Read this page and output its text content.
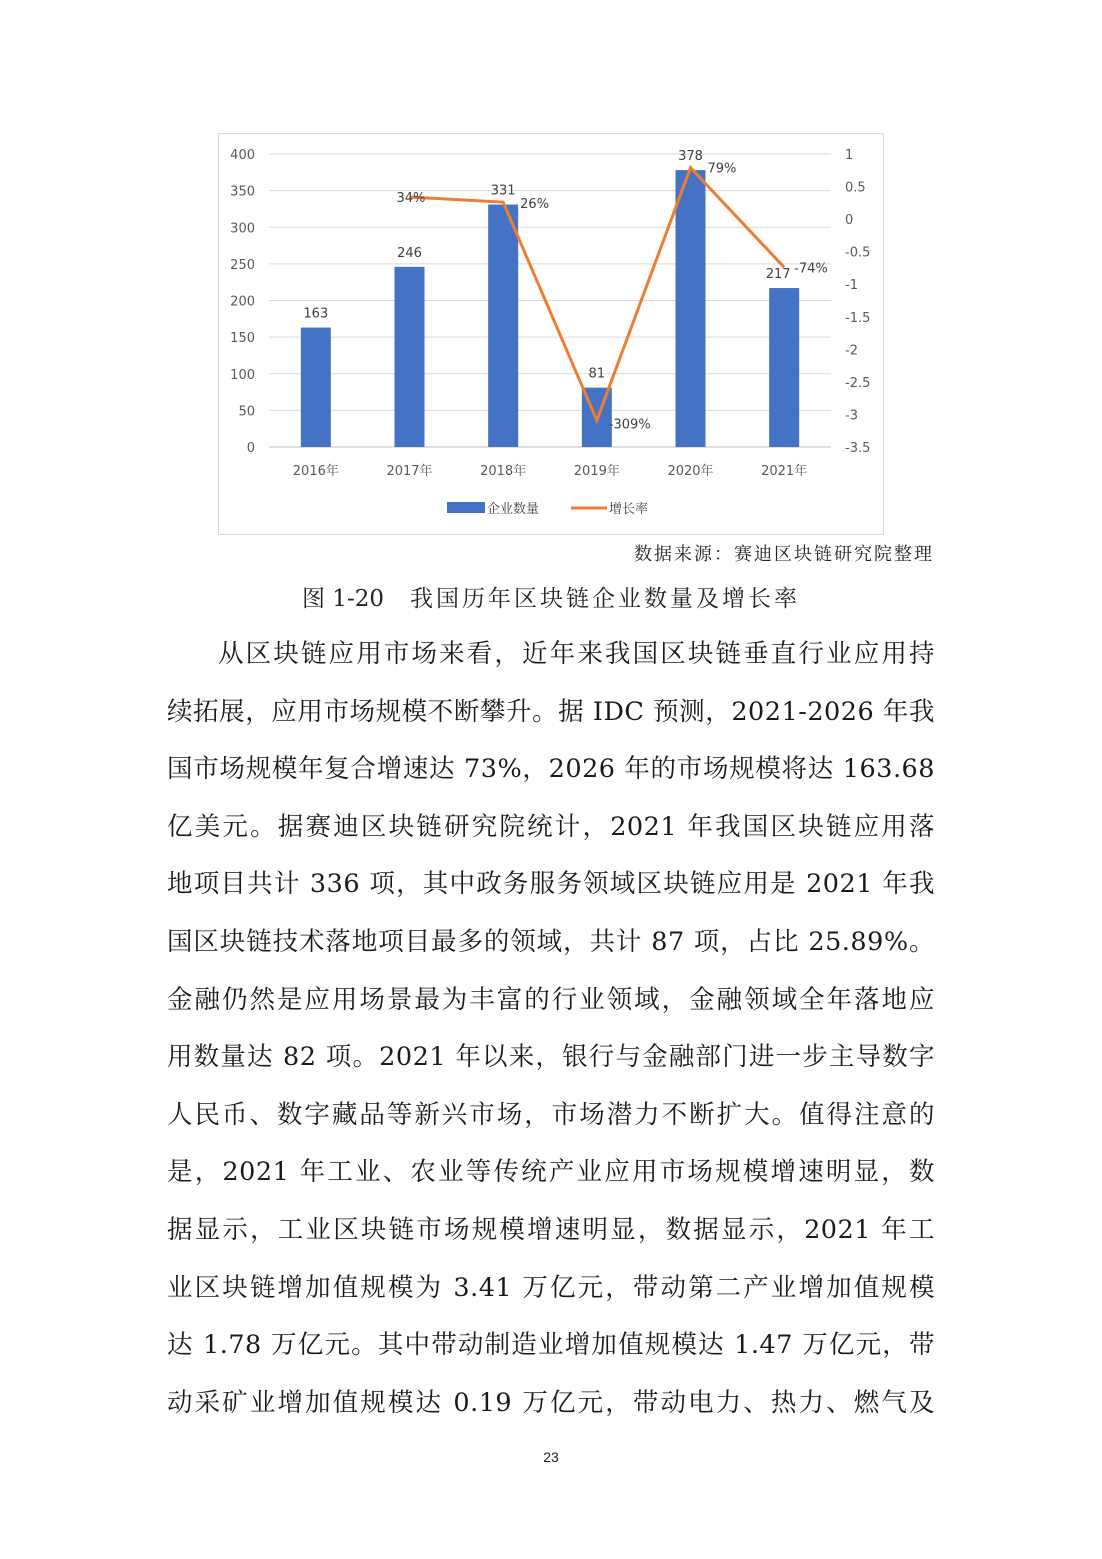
400
350
300
250
200
150
100
50
0
1
0.5
0
-0.5
-1
-1.5
-2
-2.5
-3
-3.5
2016年	2017年	2018年	2019年	2020年	2021年
163
246
331
81
378
217
34%	26%
-309%
79%
-74%
企业数量	增长率
数据来源：赛迪区块链研究院整理
图 1-20 我国历年区块链企业数量及增长率
从区块链应用市场来看，近年来我国区块链垂直行业应用持
续拓展，应用市场规模不断攀升。据 IDC 预测，2021-2026 年我
国市场规模年复合增速达 73%，2026 年的市场规模将达 163.68
亿美元。据赛迪区块链研究院统计，2021 年我国区块链应用落
地项目共计 336 项，其中政务服务领域区块链应用是 2021 年我
国区块链技术落地项目最多的领域，共计 87 项，占比 25.89%。
金融仍然是应用场景最为丰富的行业领域，金融领域全年落地应
用数量达 82 项。2021 年以来，银行与金融部门进一步主导数字
人民币、数字藏品等新兴市场，市场潜力不断扩大。值得注意的
是，2021 年工业、农业等传统产业应用市场规模增速明显，数
据显示，工业区块链市场规模增速明显，数据显示，2021 年工
业区块链增加值规模为 3.41 万亿元，带动第二产业增加值规模
达 1.78 万亿元。其中带动制造业增加值规模达 1.47 万亿元，带
动采矿业增加值规模达 0.19 万亿元，带动电力、热力、燃气及
23
